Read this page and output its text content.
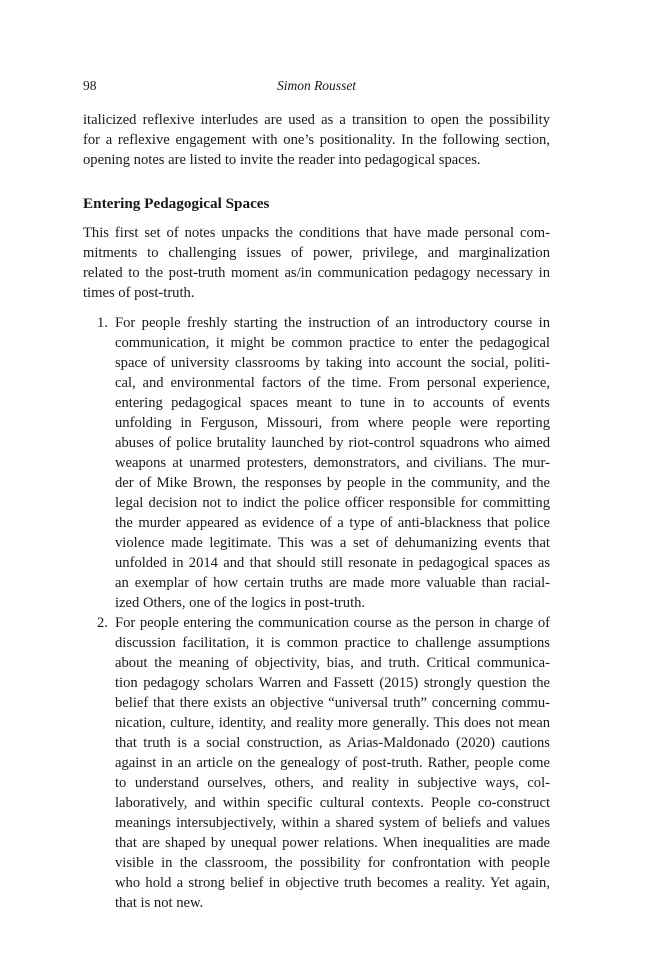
98	Simon Rousset
italicized reflexive interludes are used as a transition to open the possibility
for a reflexive engagement with one’s positionality. In the following section,
opening notes are listed to invite the reader into pedagogical spaces.
Entering Pedagogical Spaces
This first set of notes unpacks the conditions that have made personal com-
mitments to challenging issues of power, privilege, and marginalization
related to the post-truth moment as/in communication pedagogy necessary in
times of post-truth.
1. For people freshly starting the instruction of an introductory course in
communication, it might be common practice to enter the pedagogical
space of university classrooms by taking into account the social, politi-
cal, and environmental factors of the time. From personal experience,
entering pedagogical spaces meant to tune in to accounts of events
unfolding in Ferguson, Missouri, from where people were reporting
abuses of police brutality launched by riot-control squadrons who aimed
weapons at unarmed protesters, demonstrators, and civilians. The mur-
der of Mike Brown, the responses by people in the community, and the
legal decision not to indict the police officer responsible for committing
the murder appeared as evidence of a type of anti-blackness that police
violence made legitimate. This was a set of dehumanizing events that
unfolded in 2014 and that should still resonate in pedagogical spaces as
an exemplar of how certain truths are made more valuable than racial-
ized Others, one of the logics in post-truth.
2. For people entering the communication course as the person in charge of
discussion facilitation, it is common practice to challenge assumptions
about the meaning of objectivity, bias, and truth. Critical communica-
tion pedagogy scholars Warren and Fassett (2015) strongly question the
belief that there exists an objective “universal truth” concerning commu-
nication, culture, identity, and reality more generally. This does not mean
that truth is a social construction, as Arias-Maldonado (2020) cautions
against in an article on the genealogy of post-truth. Rather, people come
to understand ourselves, others, and reality in subjective ways, col-
laboratively, and within specific cultural contexts. People co-construct
meanings intersubjectively, within a shared system of beliefs and values
that are shaped by unequal power relations. When inequalities are made
visible in the classroom, the possibility for confrontation with people
who hold a strong belief in objective truth becomes a reality. Yet again,
that is not new.
